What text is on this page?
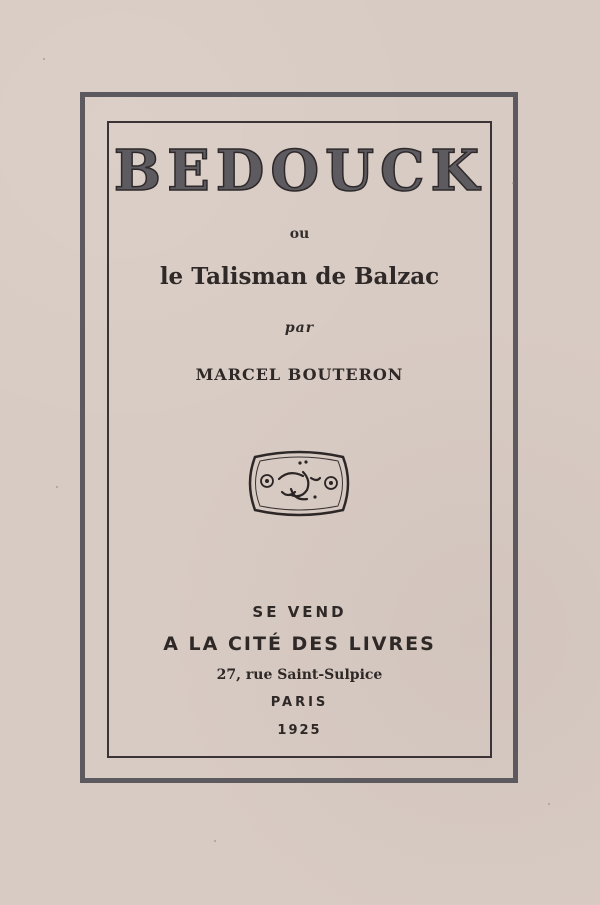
BEDOUCK
ou
le Talisman de Balzac
par
MARCEL BOUTERON
SE VEND
A LA CITÉ DES LIVRES
27, rue Saint-Sulpice
PARIS
1925
